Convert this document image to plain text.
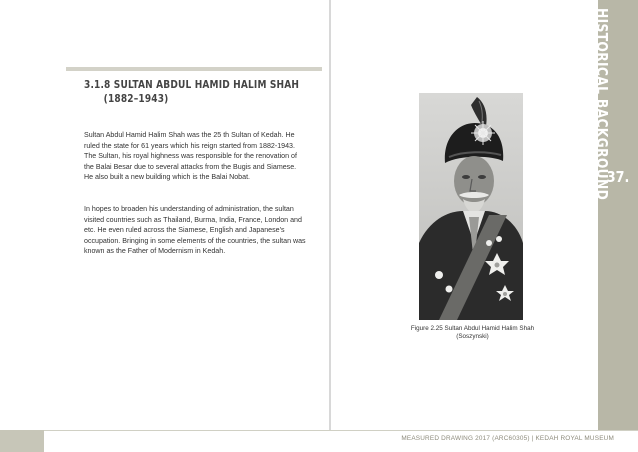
3.1.8 SULTAN ABDUL HAMID HALIM SHAH
(1882–1943)

Sultan Abdul Hamid Halim Shah was the 25 th Sultan of Kedah. He ruled the state for 61 years which his reign started from 1882-1943. The Sultan, his royal highness was responsible for the renovation of the Balai Besar due to several attacks from the Bugis and Siamese. He also built a new building which is the Balai Nobat.

In hopes to broaden his understanding of administration, the sultan visited countries such as Thailand, Burma, India, France, London and etc. He even ruled across the Siamese, English and Japanese's occupation. Bringing in some elements of the countries, the sultan was known as the Father of Modernism in Kedah.

Figure 2.25 Sultan Abdul Hamid Halim Shah
(Soszynski)

HISTORICAL BACKGROUND
37.
MEASURED DRAWING 2017 (ARC60305) | KEDAH ROYAL MUSEUM
